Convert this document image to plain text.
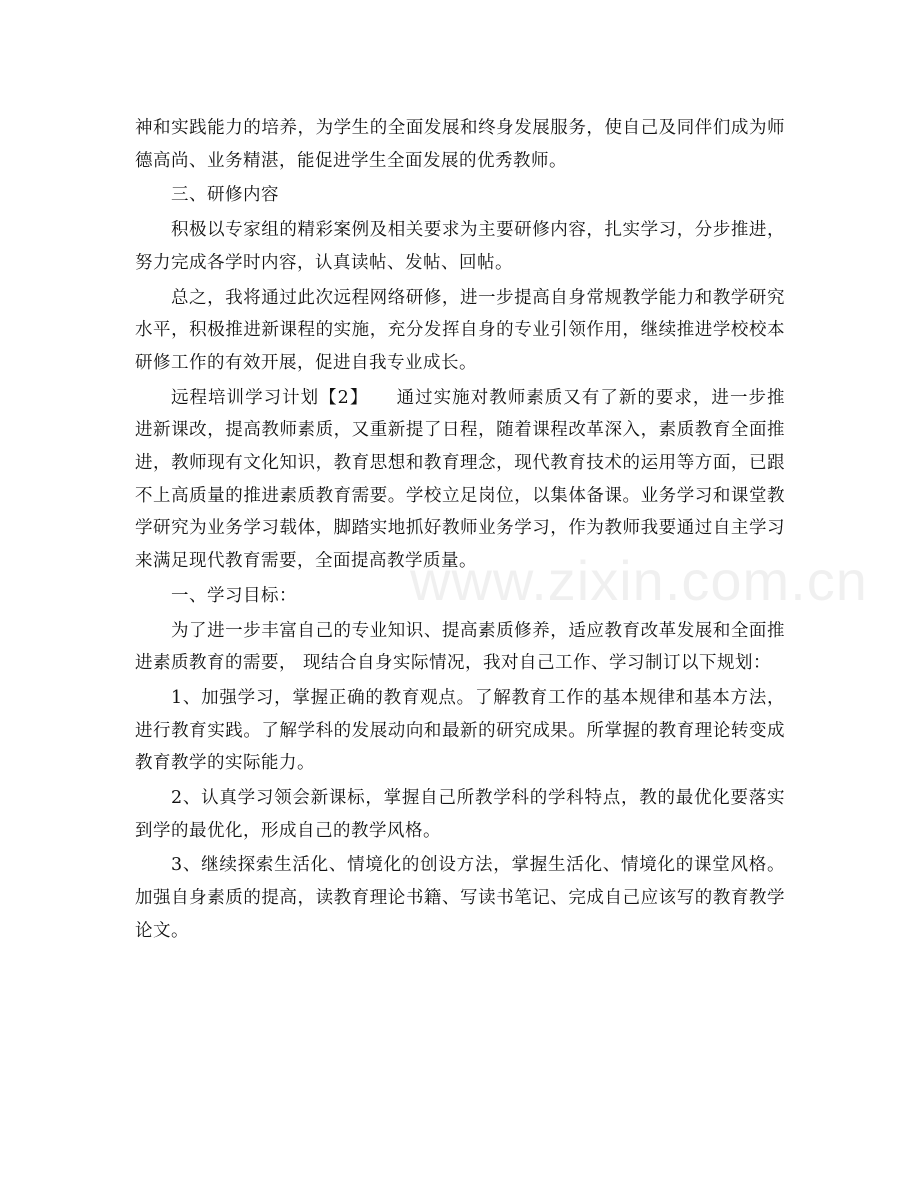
神和实践能力的培养，为学生的全面发展和终身发展服务，使自己及同伴们成为师德高尚、业务精湛，能促进学生全面发展的优秀教师。

三、研修内容

积极以专家组的精彩案例及相关要求为主要研修内容，扎实学习，分步推进，努力完成各学时内容，认真读帖、发帖、回帖。

总之，我将通过此次远程网络研修，进一步提高自身常规教学能力和教学研究水平，积极推进新课程的实施，充分发挥自身的专业引领作用，继续推进学校校本研修工作的有效开展，促进自我专业成长。

远程培训学习计划【2】　　通过实施对教师素质又有了新的要求，进一步推进新课改，提高教师素质，又重新提了日程，随着课程改革深入，素质教育全面推进，教师现有文化知识，教育思想和教育理念，现代教育技术的运用等方面，已跟不上高质量的推进素质教育需要。学校立足岗位，以集体备课。业务学习和课堂教学研究为业务学习载体，脚踏实地抓好教师业务学习，作为教师我要通过自主学习来满足现代教育需要，全面提高教学质量。

一、学习目标：

为了进一步丰富自己的专业知识、提高素质修养，适应教育改革发展和全面推进素质教育的需要， 现结合自身实际情况，我对自己工作、学习制订以下规划：

1、加强学习，掌握正确的教育观点。了解教育工作的基本规律和基本方法，进行教育实践。了解学科的发展动向和最新的研究成果。所掌握的教育理论转变成教育教学的实际能力。

2、认真学习领会新课标，掌握自己所教学科的学科特点，教的最优化要落实到学的最优化，形成自己的教学风格。

3、继续探索生活化、情境化的创设方法，掌握生活化、情境化的课堂风格。加强自身素质的提高，读教育理论书籍、写读书笔记、完成自己应该写的教育教学论文。

www.zixin.com.cn
